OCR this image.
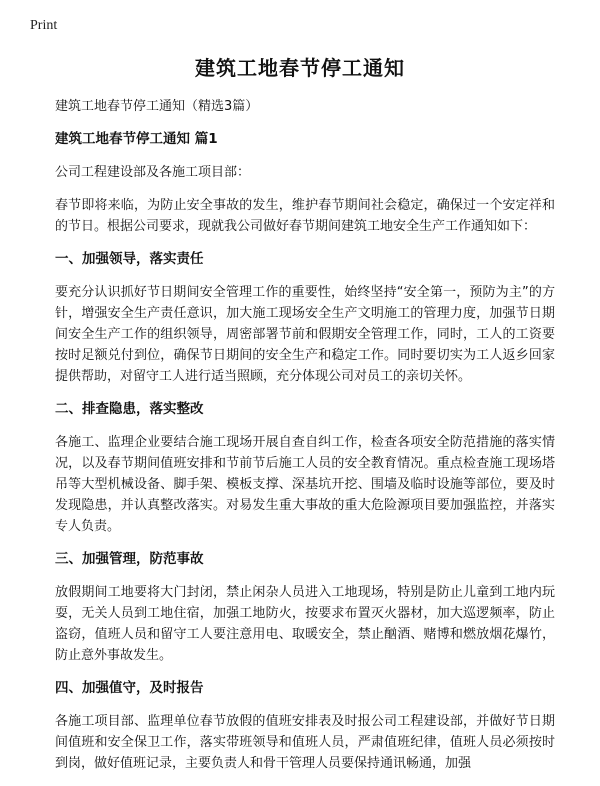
Print
建筑工地春节停工通知

建筑工地春节停工通知（精选3篇）

建筑工地春节停工通知 篇1

公司工程建设部及各施工项目部：

春节即将来临，为防止安全事故的发生，维护春节期间社会稳定，确保过一个安定祥和的节日。根据公司要求，现就我公司做好春节期间建筑工地安全生产工作通知如下：

一、加强领导，落实责任

要充分认识抓好节日期间安全管理工作的重要性，始终坚持“安全第一，预防为主”的方针，增强安全生产责任意识，加大施工现场安全生产文明施工的管理力度，加强节日期间安全生产工作的组织领导，周密部署节前和假期安全管理工作，同时，工人的工资要按时足额兑付到位，确保节日期间的安全生产和稳定工作。同时要切实为工人返乡回家提供帮助，对留守工人进行适当照顾，充分体现公司对员工的亲切关怀。

二、排查隐患，落实整改

各施工、监理企业要结合施工现场开展自查自纠工作，检查各项安全防范措施的落实情况，以及春节期间值班安排和节前节后施工人员的安全教育情况。重点检查施工现场塔吊等大型机械设备、脚手架、模板支撑、深基坑开挖、围墙及临时设施等部位，要及时发现隐患，并认真整改落实。对易发生重大事故的重大危险源项目要加强监控，并落实专人负责。

三、加强管理，防范事故

放假期间工地要将大门封闭，禁止闲杂人员进入工地现场，特别是防止儿童到工地内玩耍，无关人员到工地住宿，加强工地防火，按要求布置灭火器材，加大巡逻频率，防止盗窃，值班人员和留守工人要注意用电、取暖安全，禁止酗酒、赌博和燃放烟花爆竹，防止意外事故发生。

四、加强值守，及时报告

各施工项目部、监理单位春节放假的值班安排表及时报公司工程建设部，并做好节日期间值班和安全保卫工作，落实带班领导和值班人员，严肃值班纪律，值班人员必须按时到岗，做好值班记录，主要负责人和骨干管理人员要保持通讯畅通，加强
